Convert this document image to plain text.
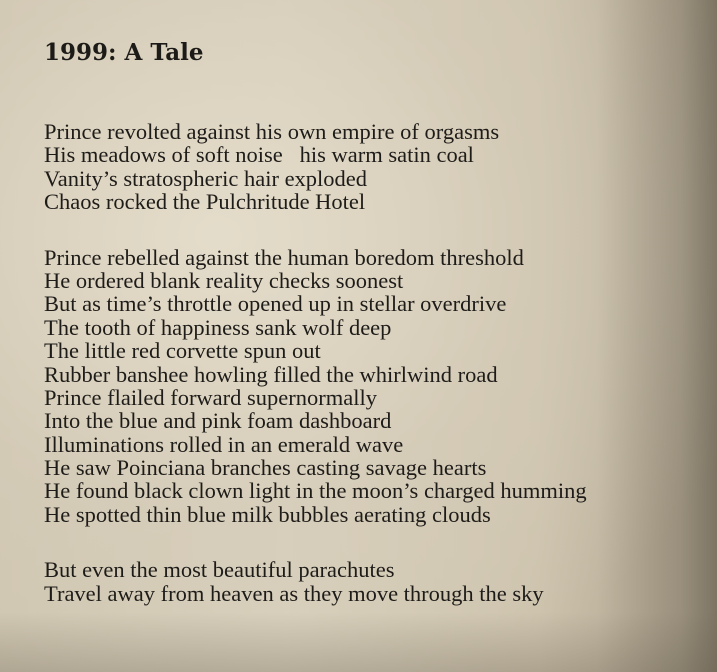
1999: A Tale
Prince revolted against his own empire of orgasms
His meadows of soft noise   his warm satin coal
Vanity’s stratospheric hair exploded
Chaos rocked the Pulchritude Hotel
Prince rebelled against the human boredom threshold
He ordered blank reality checks soonest
But as time’s throttle opened up in stellar overdrive
The tooth of happiness sank wolf deep
The little red corvette spun out
Rubber banshee howling filled the whirlwind road
Prince flailed forward supernormally
Into the blue and pink foam dashboard
Illuminations rolled in an emerald wave
He saw Poinciana branches casting savage hearts
He found black clown light in the moon’s charged humming
He spotted thin blue milk bubbles aerating clouds
But even the most beautiful parachutes
Travel away from heaven as they move through the sky
